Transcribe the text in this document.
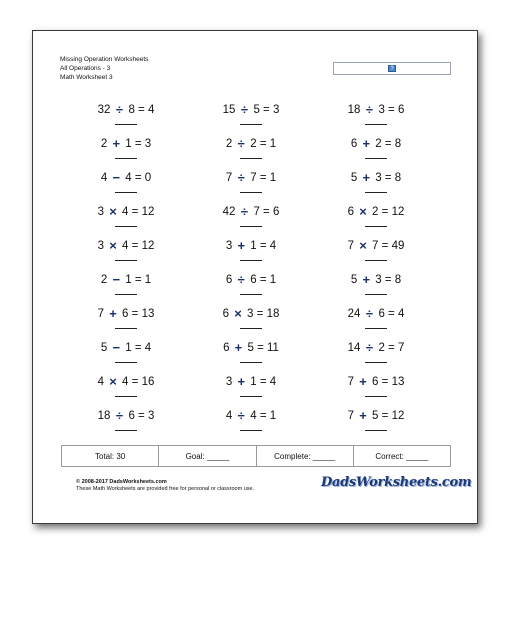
Missing Operation Worksheets
All Operations - 3
Math Worksheet 3
?
32 ÷ 8 = 4	15 ÷ 5 = 3	18 ÷ 3 = 6
2 + 1 = 3	2 ÷ 2 = 1	6 + 2 = 8
4 − 4 = 0	7 ÷ 7 = 1	5 + 3 = 8
3 × 4 = 12	42 ÷ 7 = 6	6 × 2 = 12
3 × 4 = 12	3 + 1 = 4	7 × 7 = 49
2 − 1 = 1	6 ÷ 6 = 1	5 + 3 = 8
7 + 6 = 13	6 × 3 = 18	24 ÷ 6 = 4
5 − 1 = 4	6 + 5 = 11	14 ÷ 2 = 7
4 × 4 = 16	3 + 1 = 4	7 + 6 = 13
18 ÷ 6 = 3	4 ÷ 4 = 1	7 + 5 = 12
Total: 30	Goal: _____	Complete: _____	Correct: _____
© 2008-2017 DadsWorksheets.com
These Math Worksheets are provided free for personal or classroom use.	DadsWorksheets.com
